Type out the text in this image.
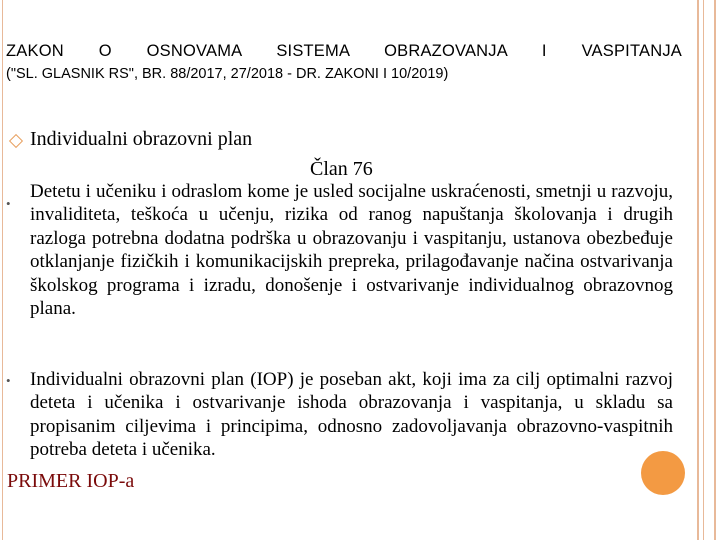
ZAKON O OSNOVAMA SISTEMA OBRAZOVANJA I VASPITANJA
("SL. GLASNIK RS", BR. 88/2017, 27/2018 - DR. ZAKONI I 10/2019)
Individualni obrazovni plan
Član 76
•
Detetu i učeniku i odraslom kome je usled socijalne uskraćenosti, smetnji u razvoju, invaliditeta, teškoća u učenju, rizika od ranog napuštanja školovanja i drugih razloga potrebna dodatna podrška u obrazovanju i vaspitanju, ustanova obezbeđuje otklanjanje fizičkih i komunikacijskih prepreka, prilagođavanje načina ostvarivanja školskog programa i izradu, donošenje i ostvarivanje individualnog obrazovnog plana.
• Individualni obrazovni plan (IOP) je poseban akt, koji ima za cilj optimalni razvoj deteta i učenika i ostvarivanje ishoda obrazovanja i vaspitanja, u skladu sa propisanim ciljevima i principima, odnosno zadovoljavanja obrazovno-vaspitnih potreba deteta i učenika.
PRIMER IOP-a
